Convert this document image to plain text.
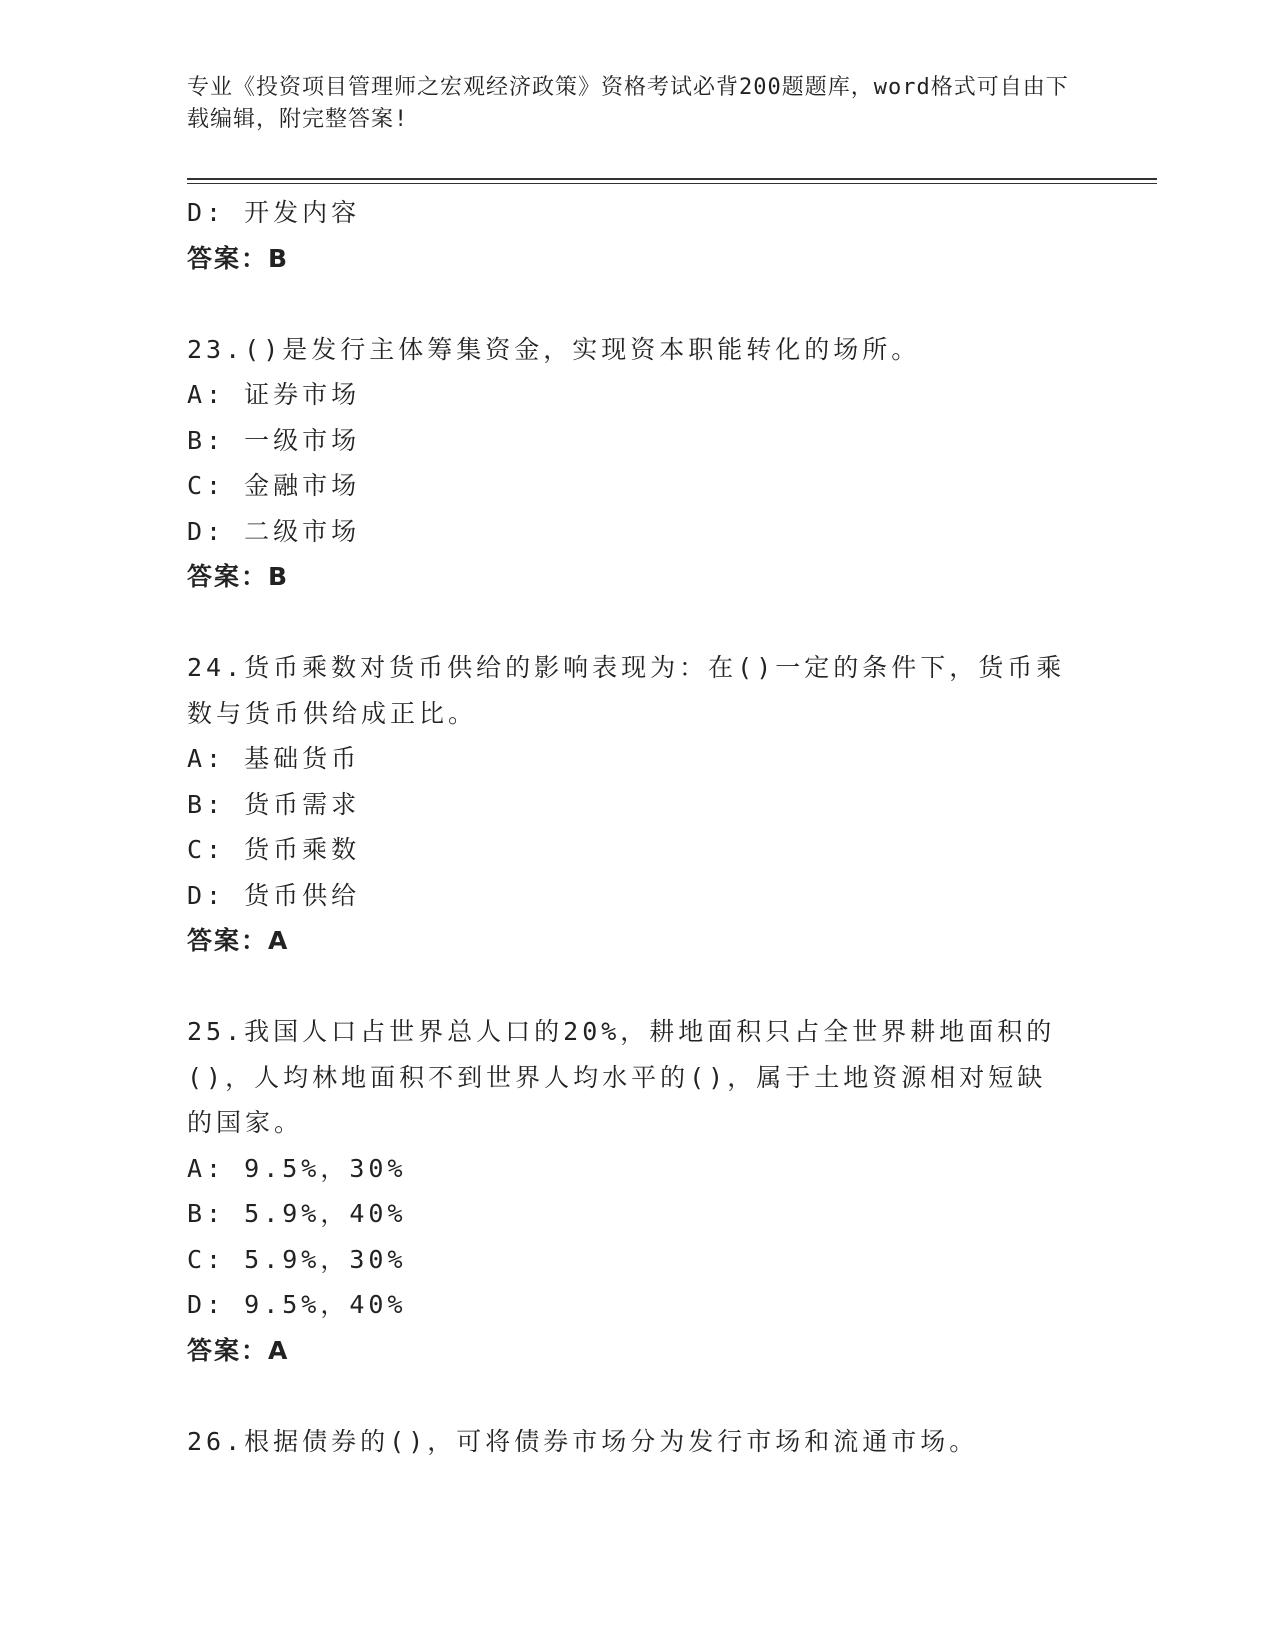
专业《投资项目管理师之宏观经济政策》资格考试必背200题题库，word格式可自由下载编辑，附完整答案!
D: 开发内容
答案：B
23.()是发行主体筹集资金，实现资本职能转化的场所。
A: 证券市场
B: 一级市场
C: 金融市场
D: 二级市场
答案：B
24.货币乘数对货币供给的影响表现为：在()一定的条件下，货币乘数与货币供给成正比。
A: 基础货币
B: 货币需求
C: 货币乘数
D: 货币供给
答案：A
25.我国人口占世界总人口的20%，耕地面积只占全世界耕地面积的()，人均林地面积不到世界人均水平的()，属于土地资源相对短缺的国家。
A: 9.5%，30%
B: 5.9%，40%
C: 5.9%，30%
D: 9.5%，40%
答案：A
26.根据债券的()，可将债券市场分为发行市场和流通市场。
